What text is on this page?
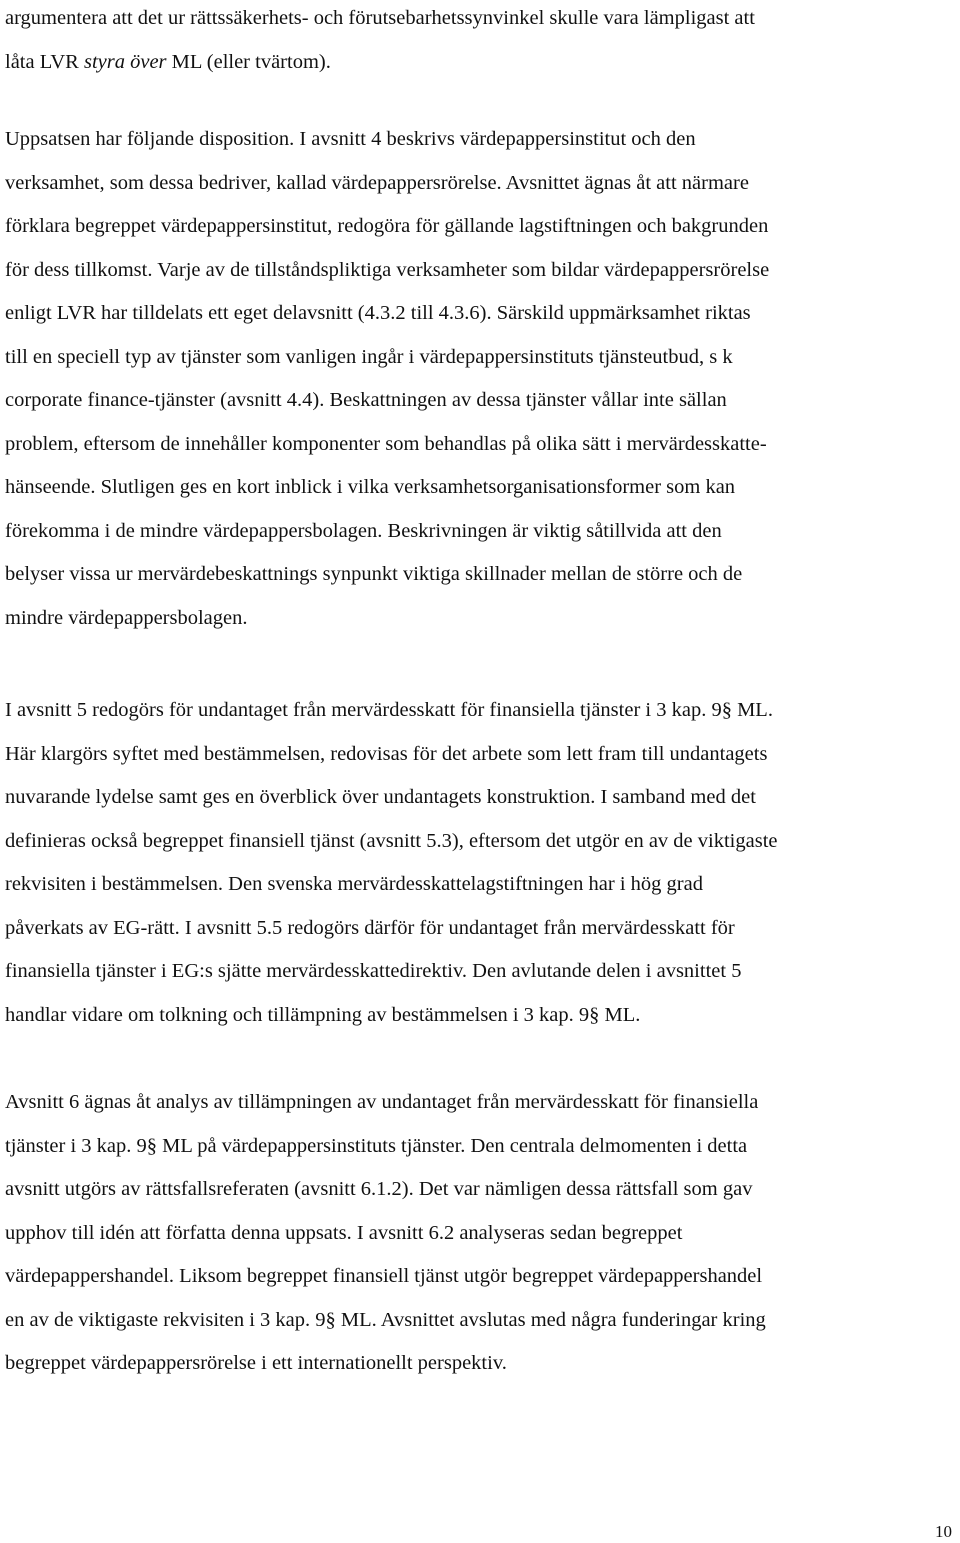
argumentera att det ur rättssäkerhets- och förutsebarhetssynvinkel skulle vara lämpligast att
låta LVR styra över ML (eller tvärtom).
Uppsatsen har följande disposition. I avsnitt 4 beskrivs värdepappersinstitut och den
verksamhet, som dessa bedriver, kallad värdepappersrörelse. Avsnittet ägnas åt att närmare
förklara begreppet värdepappersinstitut, redogöra för gällande lagstiftningen och bakgrunden
för dess tillkomst. Varje av de tillståndspliktiga verksamheter som bildar värdepappersrörelse
enligt LVR har tilldelats ett eget delavsnitt (4.3.2 till 4.3.6). Särskild uppmärksamhet riktas
till en speciell typ av tjänster som vanligen ingår i värdepappersinstituts tjänsteutbud, s k
corporate finance-tjänster (avsnitt 4.4). Beskattningen av dessa tjänster vållar inte sällan
problem, eftersom de innehåller komponenter som behandlas på olika sätt i mervärdesskatte-
hänseende. Slutligen ges en kort inblick i vilka verksamhetsorganisationsformer som kan
förekomma i de mindre värdepappersbolagen. Beskrivningen är viktig såtillvida att den
belyser vissa ur mervärdebeskattnings synpunkt viktiga skillnader mellan de större och de
mindre värdepappersbolagen.
I avsnitt 5 redogörs för undantaget från mervärdesskatt för finansiella tjänster i 3 kap. 9§ ML.
Här klargörs syftet med bestämmelsen, redovisas för det arbete som lett fram till undantagets
nuvarande lydelse samt ges en överblick över undantagets konstruktion. I samband med det
definieras också begreppet finansiell tjänst (avsnitt 5.3), eftersom det utgör en av de viktigaste
rekvisiten i bestämmelsen. Den svenska mervärdesskattelagstiftningen har i hög grad
påverkats av EG-rätt. I avsnitt 5.5 redogörs därför för undantaget från mervärdesskatt för
finansiella tjänster i EG:s sjätte mervärdesskattedirektiv. Den avlutande delen i avsnittet 5
handlar vidare om tolkning och tillämpning av bestämmelsen i 3 kap. 9§ ML.
Avsnitt 6 ägnas åt analys av tillämpningen av undantaget från mervärdesskatt för finansiella
tjänster i 3 kap. 9§ ML på värdepappersinstituts tjänster. Den centrala delmomenten i detta
avsnitt utgörs av rättsfallsreferaten (avsnitt 6.1.2). Det var nämligen dessa rättsfall som gav
upphov till idén att författa denna uppsats. I avsnitt 6.2 analyseras sedan begreppet
värdepappershandel. Liksom begreppet finansiell tjänst utgör begreppet värdepappershandel
en av de viktigaste rekvisiten i 3 kap. 9§ ML. Avsnittet avslutas med några funderingar kring
begreppet värdepappersrörelse i ett internationellt perspektiv.
10
